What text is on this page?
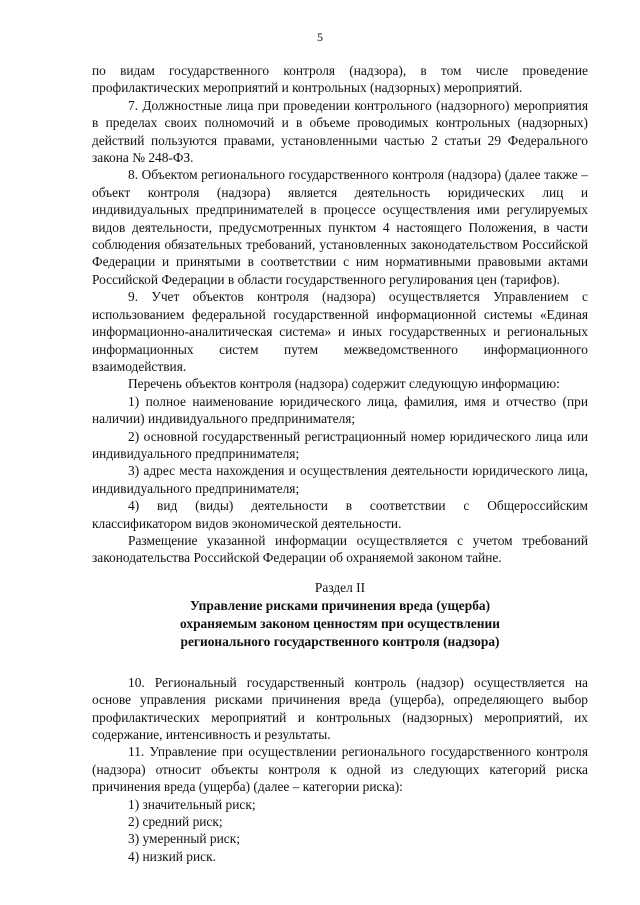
5

по видам государственного контроля (надзора), в том числе проведение профилактических мероприятий и контрольных (надзорных) мероприятий.

7. Должностные лица при проведении контрольного (надзорного) мероприятия в пределах своих полномочий и в объеме проводимых контрольных (надзорных) действий пользуются правами, установленными частью 2 статьи 29 Федерального закона № 248-ФЗ.

8. Объектом регионального государственного контроля (надзора) (далее также – объект контроля (надзора) является деятельность юридических лиц и индивидуальных предпринимателей в процессе осуществления ими регулируемых видов деятельности, предусмотренных пунктом 4 настоящего Положения, в части соблюдения обязательных требований, установленных законодательством Российской Федерации и принятыми в соответствии с ним нормативными правовыми актами Российской Федерации в области государственного регулирования цен (тарифов).

9. Учет объектов контроля (надзора) осуществляется Управлением с использованием федеральной государственной информационной системы «Единая информационно-аналитическая система» и иных государственных и региональных информационных систем путем межведомственного информационного взаимодействия.

Перечень объектов контроля (надзора) содержит следующую информацию:

1) полное наименование юридического лица, фамилия, имя и отчество (при наличии) индивидуального предпринимателя;

2) основной государственный регистрационный номер юридического лица или индивидуального предпринимателя;

3) адрес места нахождения и осуществления деятельности юридического лица, индивидуального предпринимателя;

4) вид (виды) деятельности в соответствии с Общероссийским классификатором видов экономической деятельности.

Размещение указанной информации осуществляется с учетом требований законодательства Российской Федерации об охраняемой законом тайне.

Раздел II
Управление рисками причинения вреда (ущерба)
охраняемым законом ценностям при осуществлении
регионального государственного контроля (надзора)

10. Региональный государственный контроль (надзор) осуществляется на основе управления рисками причинения вреда (ущерба), определяющего выбор профилактических мероприятий и контрольных (надзорных) мероприятий, их содержание, интенсивность и результаты.

11. Управление при осуществлении регионального государственного контроля (надзора) относит объекты контроля к одной из следующих категорий риска причинения вреда (ущерба) (далее – категории риска):

1) значительный риск;

2) средний риск;

3) умеренный риск;

4) низкий риск.
